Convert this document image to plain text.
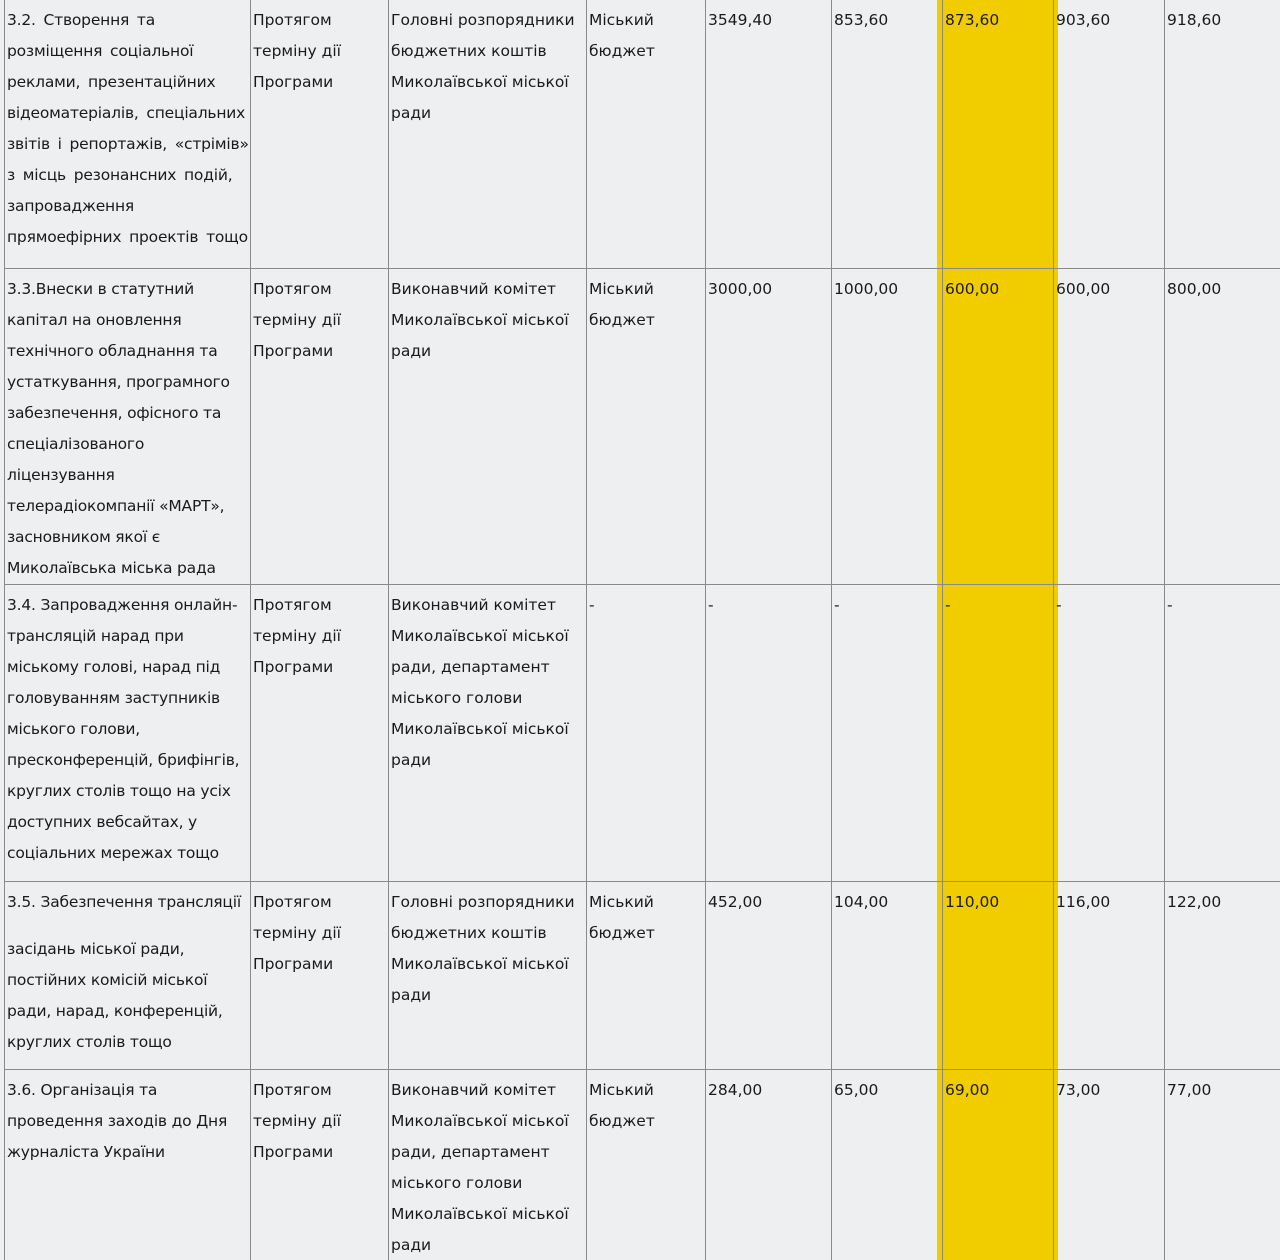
3.2. Створення та розміщення соціальної реклами, презентаційних відеоматеріалів, спеціальних звітів і репортажів, «стрімів» з місць резонансних подій, запровадження прямоефірних проектів тощо	Протягом терміну дії Програми	Головні розпорядники бюджетних коштів Миколаївської міської ради	Міський бюджет	3549,40	853,60	873,60	903,60	918,60
3.3.Внески в статутний капітал на оновлення технічного обладнання та устаткування, програмного забезпечення, офісного та спеціалізованого ліцензування телерадіокомпанії «МАРТ», засновником якої є Миколаївська міська рада	Протягом терміну дії Програми	Виконавчий комітет Миколаївської міської ради	Міський бюджет	3000,00	1000,00	600,00	600,00	800,00
3.4. Запровадження онлайн-трансляцій нарад при міському голові, нарад під головуванням заступників міського голови, пресконференцій, брифінгів, круглих столів тощо на усіх доступних вебсайтах, у соціальних мережах тощо	Протягом терміну дії Програми	Виконавчий комітет Миколаївської міської ради, департамент міського голови Миколаївської міської ради	-	-	-	-	-	-
3.5. Забезпечення трансляції
засідань міської ради, постійних комісій міської ради, нарад, конференцій, круглих столів тощо	Протягом терміну дії Програми	Головні розпорядники бюджетних коштів Миколаївської міської ради	Міський бюджет	452,00	104,00	110,00	116,00	122,00
3.6. Організація та проведення заходів до Дня журналіста України	Протягом терміну дії Програми	Виконавчий комітет Миколаївської міської ради, департамент міського голови Миколаївської міської ради	Міський бюджет	284,00	65,00	69,00	73,00	77,00
